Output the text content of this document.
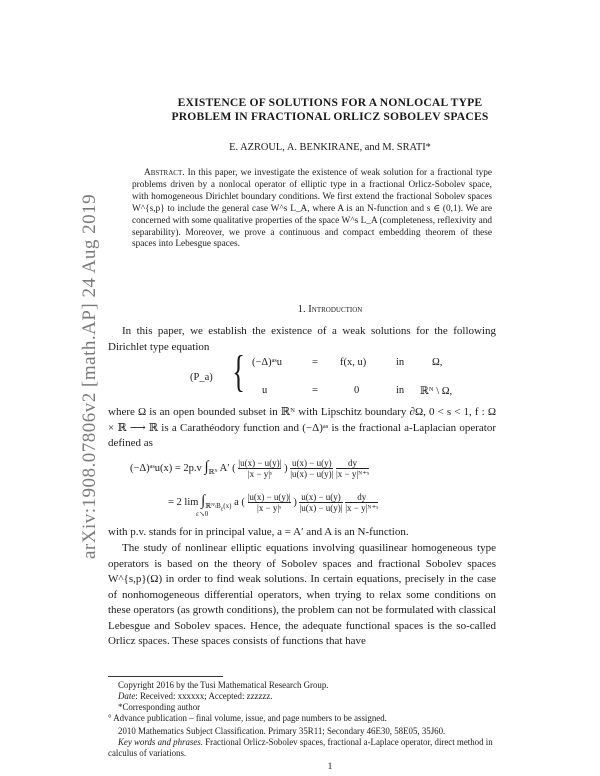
arXiv:1908.07806v2 [math.AP] 24 Aug 2019
EXISTENCE OF SOLUTIONS FOR A NONLOCAL TYPE
PROBLEM IN FRACTIONAL ORLICZ SOBOLEV SPACES
E. AZROUL, A. BENKIRANE, and M. SRATI*
Abstract. In this paper, we investigate the existence of weak solution for a fractional type problems driven by a nonlocal operator of elliptic type in a fractional Orlicz-Sobolev space, with homogeneous Dirichlet boundary conditions. We first extend the fractional Sobolev spaces W^{s,p} to include the general case W^s L_A, where A is an N-function and s ∈ (0,1). We are concerned with some qualitative properties of the space W^s L_A (completeness, reflexivity and separability). Moreover, we prove a continuous and compact embedding theorem of these spaces into Lebesgue spaces.
1. Introduction
In this paper, we establish the existence of a weak solutions for the following Dirichlet type equation
(P_a) { (−Δ)ᵃˢu	= f(x, u)	in	Ω,
u	=	0	in ℝᴺ \ Ω,
where Ω is an open bounded subset in ℝᴺ with Lipschitz boundary ∂Ω, 0 < s < 1, f : Ω × ℝ ⟶ ℝ is a Carathéodory function and (−Δ)ᵃˢ is the fractional a-Laplacian operator defined as
(−Δ)ᵃˢu(x) = 2p.v $\int_{ℝᴺ}$ A′ ( $\frac{|u(x) - u(y)|}{\text{|x − y|ˢ}}$ ) $\frac{u(x) - u(y)}{|u(x) - u(y)|}$
$\frac{dy}{\text{|x − y|ᴺ⁺ˢ}}$
= 2 $\lim \int_{ℝᴺ\backslash B_\varepsilon(x)}$ a ( $\frac{|u(x) - u(y)|}{\text{|x − y|ˢ}}$ ) $\frac{u(x) - u(y)}{|u(x) - u(y)|}$
$\frac{dy}{\text{|x − y|ᴺ⁺ˢ}}$
ε↘0
with p.v. stands for in principal value, a = A′ and A is an N-function.
The study of nonlinear elliptic equations involving quasilinear homogeneous type operators is based on the theory of Sobolev spaces and fractional Sobolev spaces W^{s,p}(Ω) in order to find weak solutions. In certain equations, precisely in the case of nonhomogeneous differential operators, when trying to relax some conditions on these operators (as growth conditions), the problem can not be formulated with classical Lebesgue and Sobolev spaces. Hence, the adequate functional spaces is the so-called Orlicz spaces. These spaces consists of functions that have
Copyright 2016 by the Tusi Mathematical Research Group.
Date: Received: xxxxxx; Accepted: zzzzzz.
*Corresponding author
° Advance publication – final volume, issue, and page numbers to be assigned.
2010 Mathematics Subject Classification. Primary 35R11; Secondary 46E30, 58E05, 35J60.
Key words and phrases. Fractional Orlicz-Sobolev spaces, fractional a-Laplace operator, direct method in calculus of variations.
1
